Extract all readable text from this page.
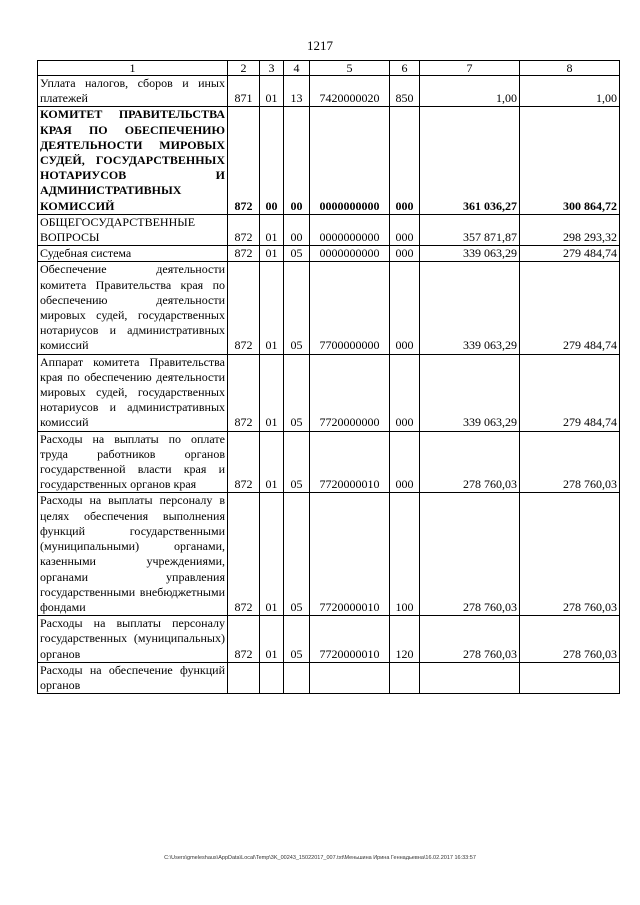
1217
1	2	3	4	5	6	7	8

Уплата налогов, сборов и иных платежей	871	01	13	7420000020	850	1,00	1,00

КОМИТЕТ ПРАВИТЕЛЬСТВА КРАЯ ПО ОБЕСПЕЧЕНИЮ ДЕЯТЕЛЬНОСТИ МИРОВЫХ СУДЕЙ, ГОСУДАРСТВЕННЫХ НОТАРИУСОВ И АДМИНИСТРАТИВНЫХ КОМИССИЙ	872	00	00	0000000000	000	361 036,27	300 864,72

ОБЩЕГОСУДАРСТВЕННЫЕ ВОПРОСЫ	872	01	00	0000000000	000	357 871,87	298 293,32

Судебная система	872	01	05	0000000000	000	339 063,29	279 484,74

Обеспечение деятельности комитета Правительства края по обеспечению деятельности мировых судей, государственных нотариусов и административных комиссий	872	01	05	7700000000	000	339 063,29	279 484,74

Аппарат комитета Правительства края по обеспечению деятельности мировых судей, государственных нотариусов и административных комиссий	872	01	05	7720000000	000	339 063,29	279 484,74

Расходы на выплаты по оплате труда работников органов государственной власти края и государственных органов края	872	01	05	7720000010	000	278 760,03	278 760,03

Расходы на выплаты персоналу в целях обеспечения выполнения функций государственными (муниципальными) органами, казенными учреждениями, органами управления государственными внебюджетными фондами	872	01	05	7720000010	100	278 760,03	278 760,03

Расходы на выплаты персоналу государственных (муниципальных) органов	872	01	05	7720000010	120	278 760,03	278 760,03

Расходы на обеспечение функций органов							

C:\Users\gmeleshaus\AppData\Local\Temp\3K_00243_15022017_007.txt\Меньшина Ирина Геннадьевна\16.02.2017 16:33:57
